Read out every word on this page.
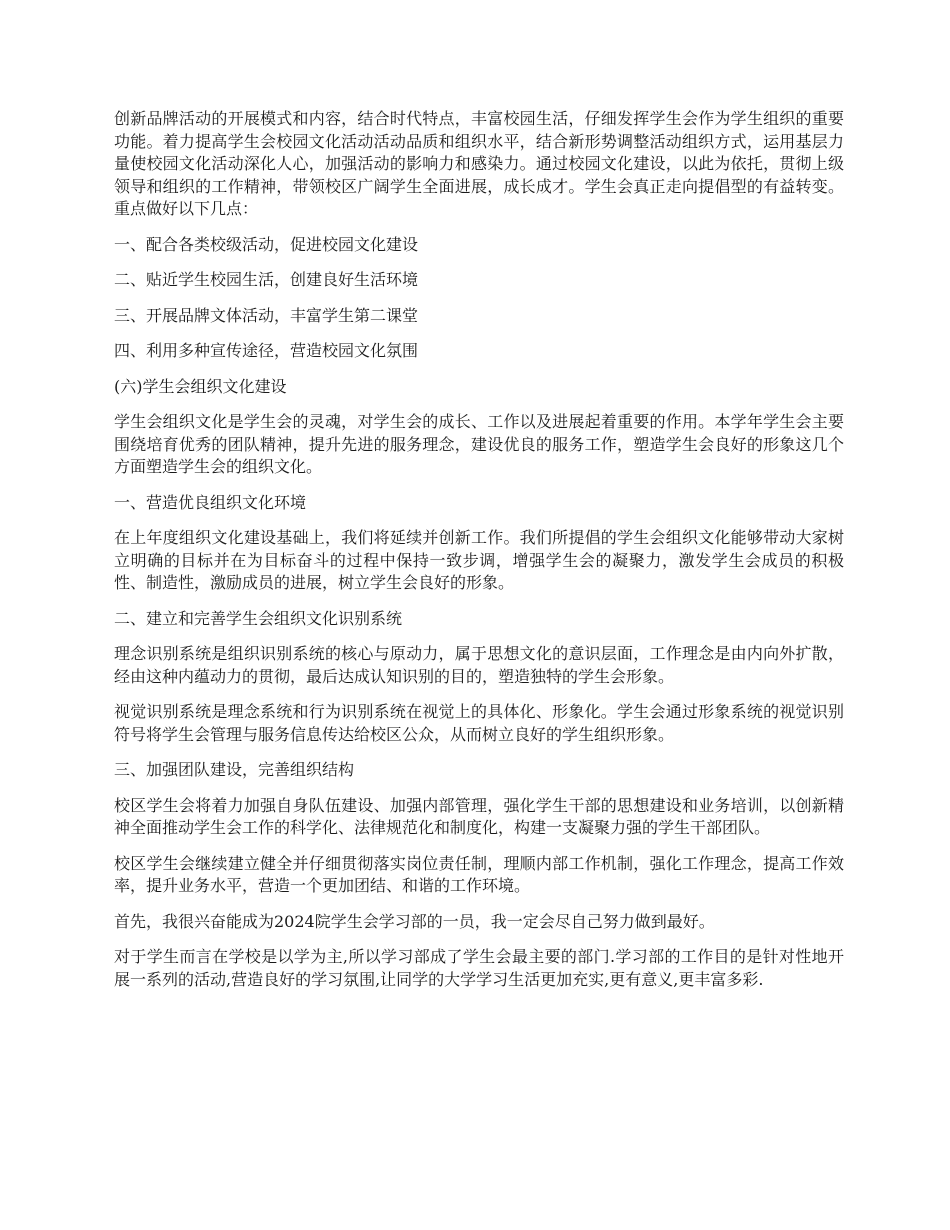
创新品牌活动的开展模式和内容，结合时代特点，丰富校园生活，仔细发挥学生会作为学生组织的重要功能。着力提高学生会校园文化活动活动品质和组织水平，结合新形势调整活动组织方式，运用基层力量使校园文化活动深化人心，加强活动的影响力和感染力。通过校园文化建设，以此为依托，贯彻上级领导和组织的工作精神，带领校区广阔学生全面进展，成长成才。学生会真正走向提倡型的有益转变。重点做好以下几点：

一、配合各类校级活动，促进校园文化建设

二、贴近学生校园生活，创建良好生活环境

三、开展品牌文体活动，丰富学生第二课堂

四、利用多种宣传途径，营造校园文化氛围

(六)学生会组织文化建设

学生会组织文化是学生会的灵魂，对学生会的成长、工作以及进展起着重要的作用。本学年学生会主要围绕培育优秀的团队精神，提升先进的服务理念，建设优良的服务工作，塑造学生会良好的形象这几个方面塑造学生会的组织文化。

一、营造优良组织文化环境

在上年度组织文化建设基础上，我们将延续并创新工作。我们所提倡的学生会组织文化能够带动大家树立明确的目标并在为目标奋斗的过程中保持一致步调，增强学生会的凝聚力，激发学生会成员的积极性、制造性，激励成员的进展，树立学生会良好的形象。

二、建立和完善学生会组织文化识别系统

理念识别系统是组织识别系统的核心与原动力，属于思想文化的意识层面，工作理念是由内向外扩散，经由这种内蕴动力的贯彻，最后达成认知识别的目的，塑造独特的学生会形象。

视觉识别系统是理念系统和行为识别系统在视觉上的具体化、形象化。学生会通过形象系统的视觉识别符号将学生会管理与服务信息传达给校区公众，从而树立良好的学生组织形象。

三、加强团队建设，完善组织结构

校区学生会将着力加强自身队伍建设、加强内部管理，强化学生干部的思想建设和业务培训，以创新精神全面推动学生会工作的科学化、法律规范化和制度化，构建一支凝聚力强的学生干部团队。

校区学生会继续建立健全并仔细贯彻落实岗位责任制，理顺内部工作机制，强化工作理念，提高工作效率，提升业务水平，营造一个更加团结、和谐的工作环境。

首先，我很兴奋能成为2024院学生会学习部的一员，我一定会尽自己努力做到最好。

对于学生而言在学校是以学为主,所以学习部成了学生会最主要的部门.学习部的工作目的是针对性地开展一系列的活动,营造良好的学习氛围,让同学的大学学习生活更加充实,更有意义,更丰富多彩.
